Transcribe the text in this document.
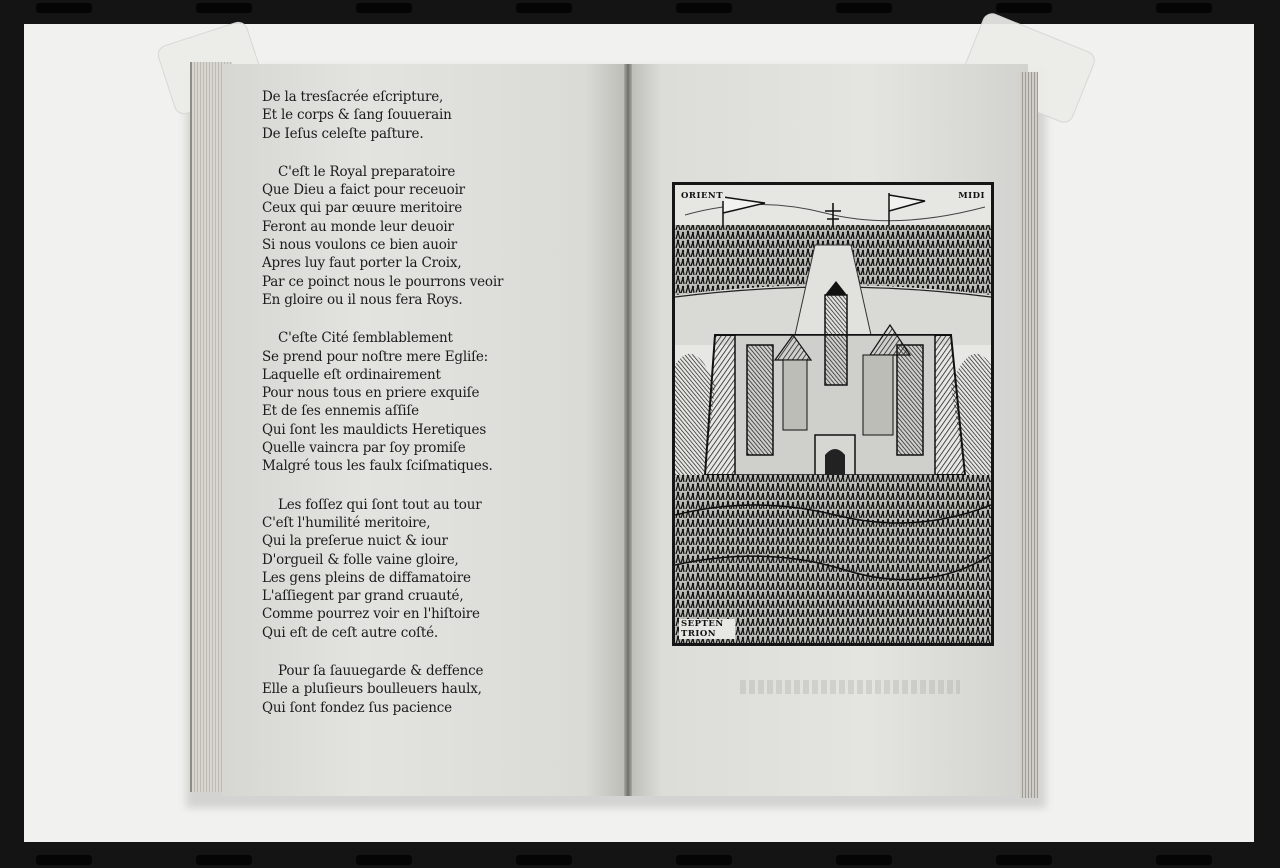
De la tresſacrée eſcripture,
Et le corps & ſang ſouuerain
De Ieſus celeſte paſture.
C'eſt le Royal preparatoire
Que Dieu a faict pour receuoir
Ceux qui par œuure meritoire
Feront au monde leur deuoir
Si nous voulons ce bien auoir
Apres luy faut porter la Croix,
Par ce poinct nous le pourrons veoir
En gloire ou il nous fera Roys.
C'eſte Cité ſemblablement
Se prend pour noſtre mere Egliſe:
Laquelle eſt ordinairement
Pour nous tous en priere exquiſe
Et de ſes ennemis aſſiſe
Qui ſont les mauldicts Heretiques
Quelle vaincra par ſoy promiſe
Malgré tous les faulx ſciſmatiques.
Les foſſez qui ſont tout au tour
C'eſt l'humilité meritoire,
Qui la preſerue nuict & iour
D'orgueil & folle vaine gloire,
Les gens pleins de diffamatoire
L'aſſiegent par grand cruauté,
Comme pourrez voir en l'hiſtoire
Qui eſt de ceſt autre coſté.
Pour ſa ſauuegarde & deffence
Elle a pluſieurs boulleuers haulx,
Qui ſont fondez ſus pacience
ORIENT	MIDI
SEPTEN TRION
